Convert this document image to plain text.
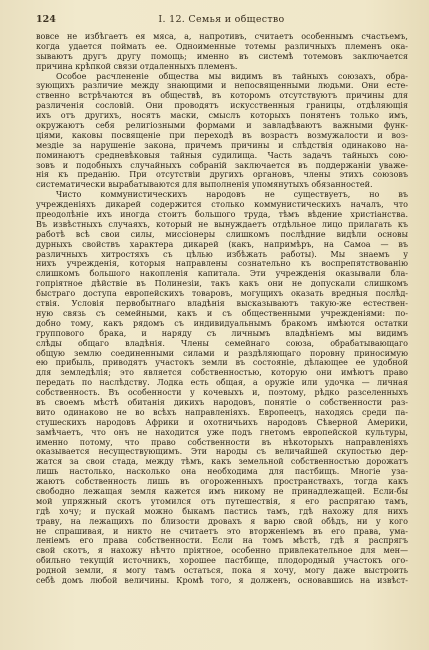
124	I. 12. Семья и общество
вовсе не избѣгаетъ ея мяса, а, напротивъ, считаетъ особеннымъ счастьемъ,
когда удается поймать ее. Одноименные тотемы различныхъ племенъ ока-
зываютъ другъ другу помощь; именно въ системѣ тотемовъ заключается
причина крѣпкой связи отдаленныхъ племенъ.
Особое расчлененіе общества мы видимъ въ тайныхъ союзахъ, обра-
зующихъ различие между знающими и непосвященными людьми. Они есте-
ственно встрѣчаются въ обществѣ, въ которомъ отсутствуютъ причины для
различенія сословій. Они проводятъ искусственныя границы, отдѣляющія
ихъ отъ другихъ, носятъ маски, смыслъ которыхъ понятенъ только имъ,
окружаютъ себя религіозными формами и завладѣваютъ важными функ-
ціями, каковы посвященіе при переходѣ въ возрастъ возмужалости и воз-
мездіе за нарушеніе закона, причемъ причины и слѣдствія одинаково на-
поминаютъ средневѣковыя тайныя судилища. Часть задачъ тайныхъ сою-
зовъ и подобныхъ случайныхъ собраній заключается въ поддержаніи уваже-
нія къ преданію. При отсутствіи другихъ органовъ, члены этихъ союзовъ
систематически вырабатываются для выполненія упомянутыхъ обязанностей.
Чисто коммунистическихъ народовъ не существуетъ, но въ
учрежденіяхъ дикарей содержится столько коммунистическихъ началъ, что
преодолѣніе ихъ иногда стоитъ большого труда, тѣмъ вѣдение христіанства.
Въ извѣстныхъ случаяхъ, который не вынуждаетъ отдѣльное лицо прилагать къ
работѣ всѣ свои силы, миссіонеры слишкомъ послѣдние видѣли основы
дурныхъ свойствъ характера дикарей (какъ, напримѣръ, на Самоа — въ
различныхъ хитростяхъ съ цѣлью избѣжать работы). Мы знаемъ у
нихъ учрежденія, которыя направлены сознательно къ воспрепятствованію
слишкомъ большого накопленія капитала. Эти учрежденія оказывали бла-
гопріятное дѣйствіе въ Полинезіи, такъ какъ они не допускали слишкомъ
быстраго доступа европейскихъ товаровъ, могущихъ оказать вредныя послѣд-
ствія. Условія первобытнаго владѣнія высказываютъ такую-же естествен-
ную связь съ семейными, какъ и съ общественными учрежденіями: по-
добно тому, какъ рядомъ съ индивидуальнымъ бракомъ имѣются остатки
группового брака, и наряду съ личнымъ владѣніемъ мы видимъ
слѣды общаго владѣнія. Члены семейнаго союза, обрабатывающаго
общую землю соединенными силами и раздѣляющаго поровну приносимую
ею прибыль, приводятъ участокъ земли въ состояніе, дѣлающее ее удобной
для земледѣлія; это является собственностью, которую они имѣютъ право
передать по наслѣдству. Лодка есть общая, а оружіе или удочка — личная
собственность. Въ особенности у кочевыхъ и, поэтому, рѣдко разселенныхъ
въ своемъ мѣстѣ обитанія дикихъ народовъ, понятіе о собственности раз-
вито одинаково не во всѣхъ направленіяхъ. Европеецъ, находясь среди па-
стушескихъ народовъ Африки и охотничьихъ народовъ Сѣверной Америки,
замѣчаетъ, что онъ не находится уже подъ гнетомъ европейской культуры,
именно потому, что право собственности въ нѣкоторыхъ направленіяхъ
оказывается несуществующимъ. Эти народы съ величайшей скупостью дер-
жатся за свои стада, между тѣмъ, какъ земельной собственностью дорожатъ
лишь настолько, насколько она необходима для пастбищъ. Многіе уза-
жаютъ собственность лишь въ огороженныхъ пространствахъ, тогда какъ
свободно лежащая земля кажется имъ никому не принадлежащей. Если-бы
мой упряжный скотъ утомился отъ путешествія, я его распрягаю тамъ,
гдѣ хочу; и пускай можно быкамъ пастись тамъ, гдѣ нахожу для нихъ
траву, на лежащихъ по близости дровахъ я варю свой обѣдъ, ни у кого
не спрашивая, и никто не считаетъ это вторженіемъ въ его права, ума-
леніемъ его права собственности. Если на томъ мѣстѣ, гдѣ я распрягъ
свой скотъ, я нахожу нѣчто пріятное, особенно привлекательное для мен—
обильно текущій источникъ, хорошее пастбище, плодородный участокъ ого-
родной земли, я могу тамъ остаться, пока я хочу, могу даже выстроить
себѣ домъ любой величины. Кромѣ того, я долженъ, основавшись на извѣст-
